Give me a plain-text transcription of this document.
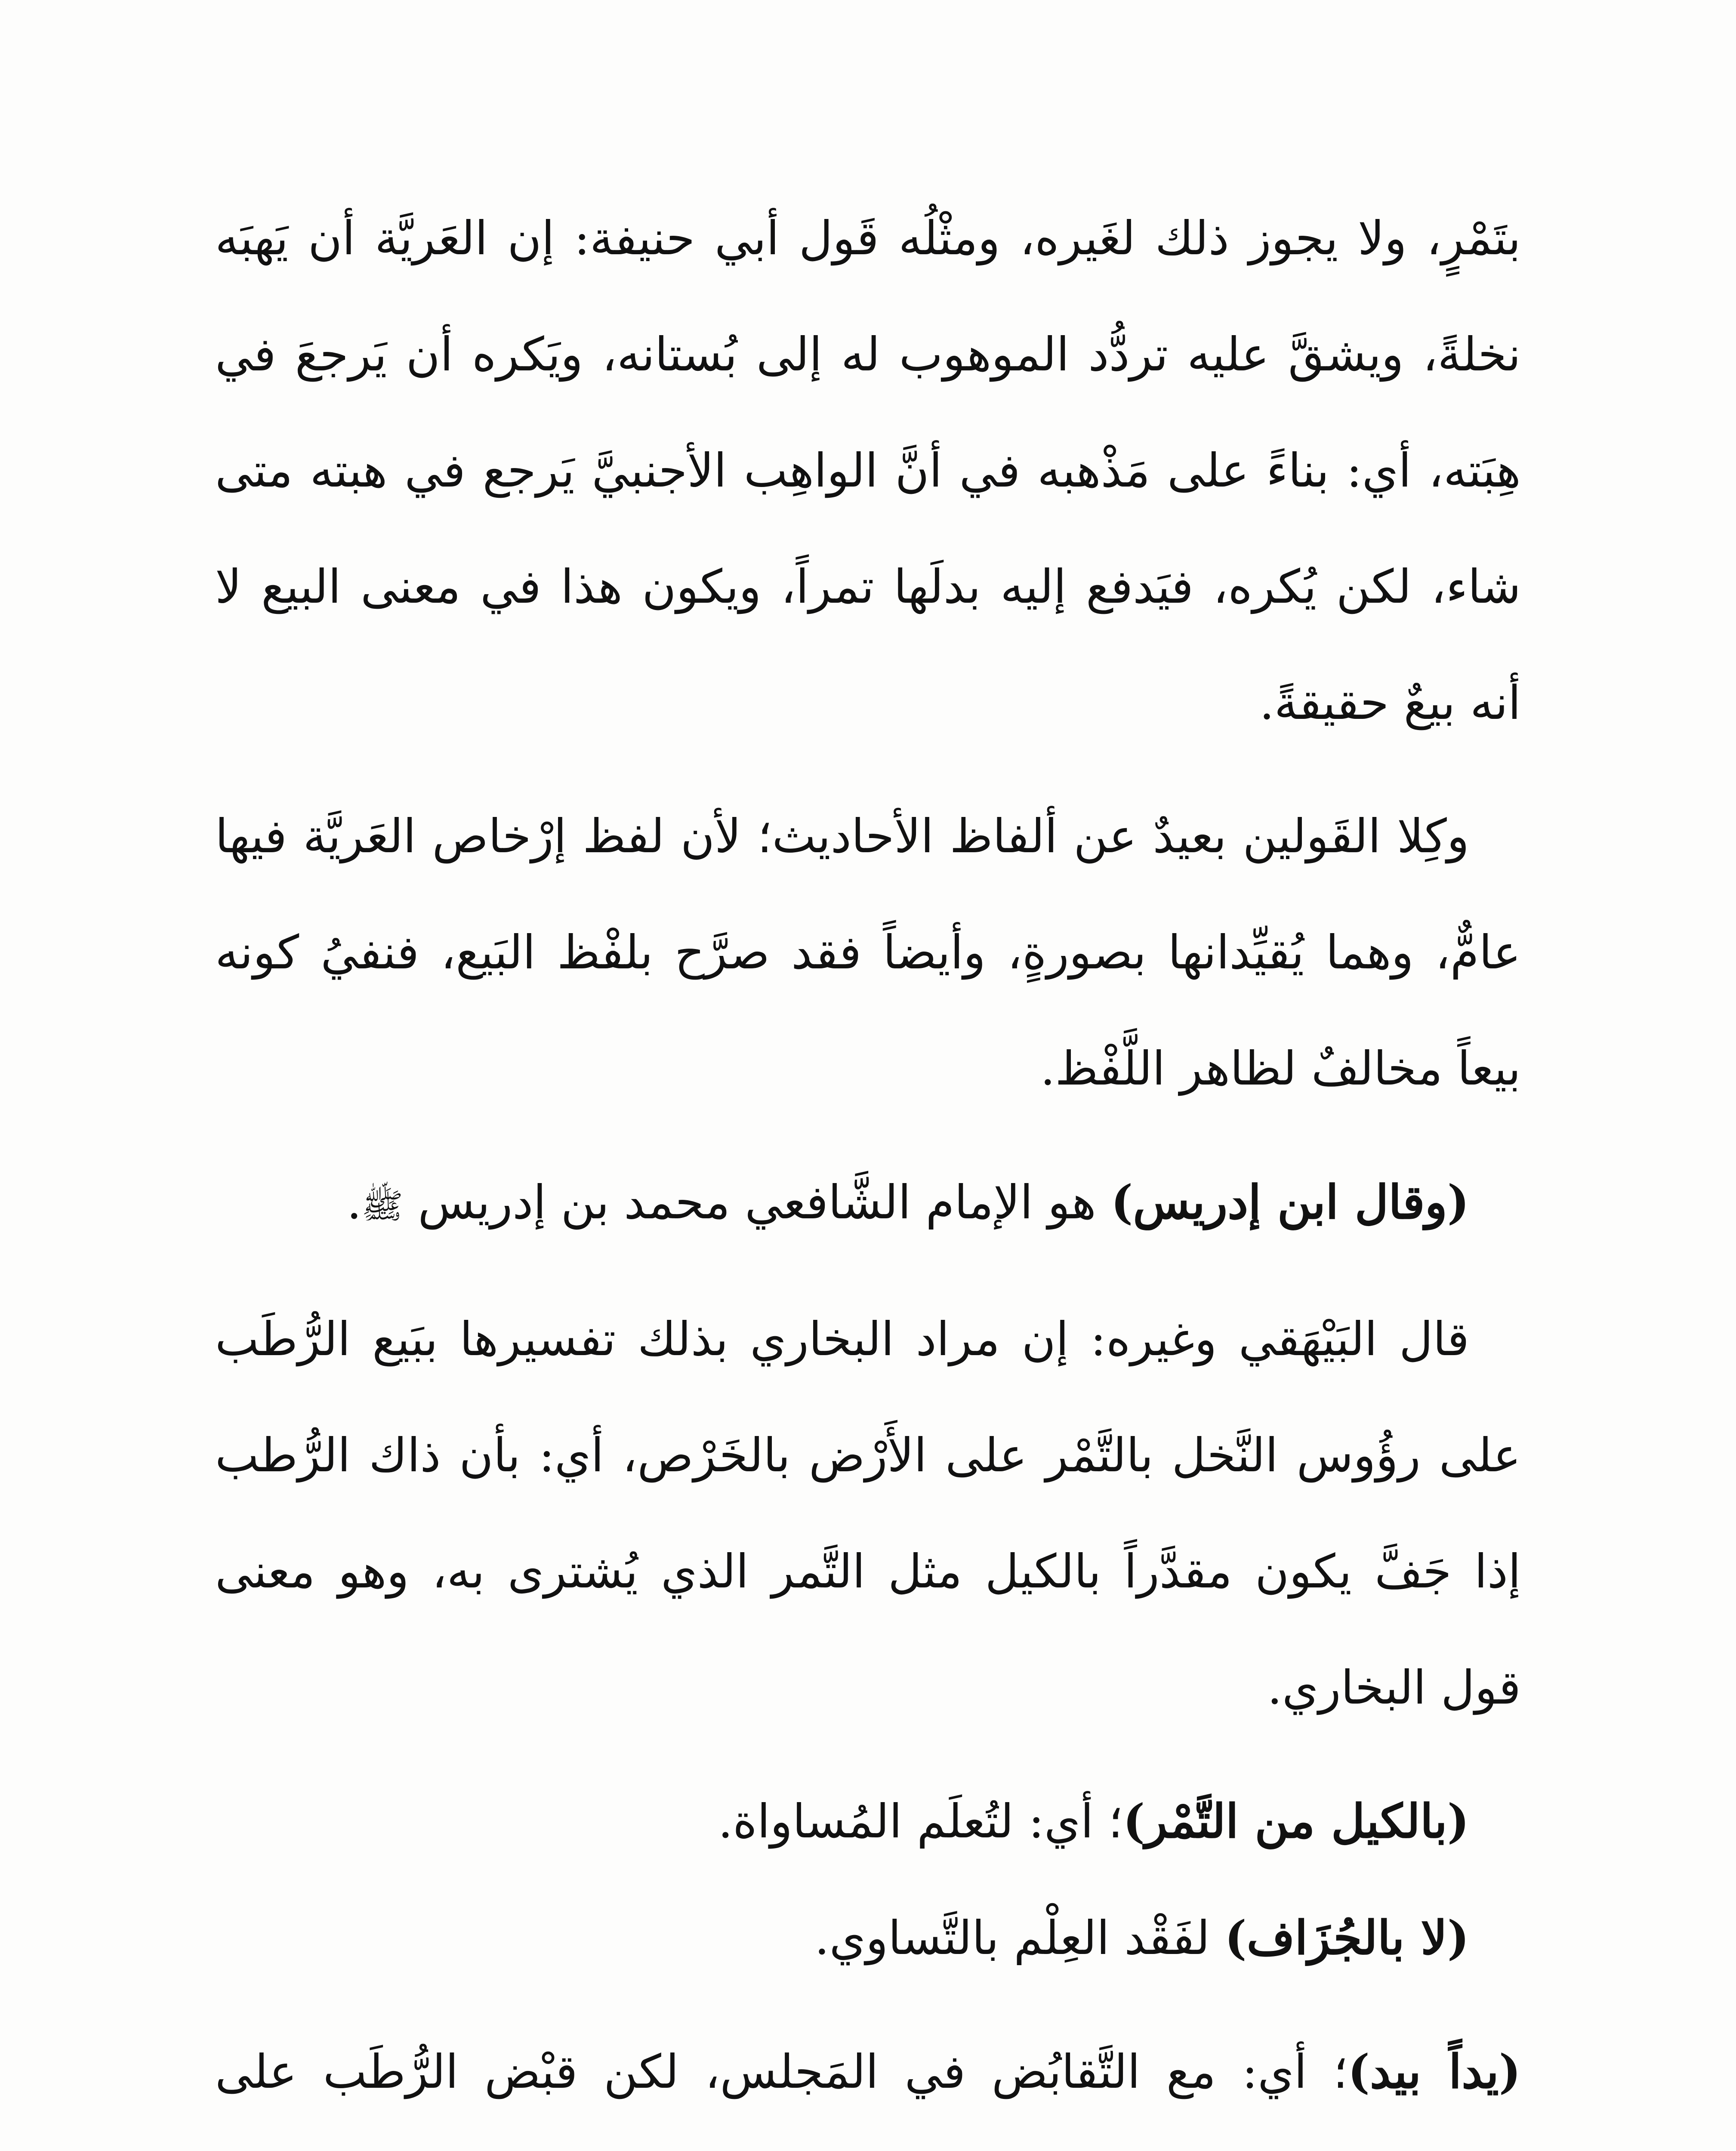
بتَمْرٍ، ولا يجوز ذلك لغَيره، ومثْلُه قَول أبي حنيفة: إن العَريَّة أن يَهبَه نخلةً، ويشقَّ عليه تردُّد الموهوب له إلى بُستانه، ويَكره أن يَرجعَ في هِبَته، أي: بناءً على مَذْهبه في أنَّ الواهِب الأجنبيَّ يَرجع في هبته متى شاء، لكن يُكره، فيَدفع إليه بدلَها تمراً، ويكون هذا في معنى البيع لا أنه بيعٌ حقيقةً.

وكِلا القَولين بعيدٌ عن ألفاظ الأحاديث؛ لأن لفظ إرْخاص العَريَّة فيها عامٌّ، وهما يُقيِّدانها بصورةٍ، وأيضاً فقد صرَّح بلفْظ البَيع، فنفيُ كونه بيعاً مخالفٌ لظاهر اللَّفْظ.

(وقال ابن إدريس) هو الإمام الشَّافعي محمد بن إدريس ﷺ.

قال البَيْهَقي وغيره: إن مراد البخاري بذلك تفسيرها ببَيع الرُّطَب على رؤُوس النَّخل بالتَّمْر على الأَرْض بالخَرْص، أي: بأن ذاك الرُّطب إذا جَفَّ يكون مقدَّراً بالكيل مثل التَّمر الذي يُشترى به، وهو معنى قول البخاري.

(بالكيل من التَّمْر)؛ أي: لتُعلَم المُساواة.

(لا بالجُزَاف) لفَقْد العِلْم بالتَّساوي.

(يداً بيد)؛ أي: مع التَّقابُض في المَجلس، لكن قبْض الرُّطَب على
